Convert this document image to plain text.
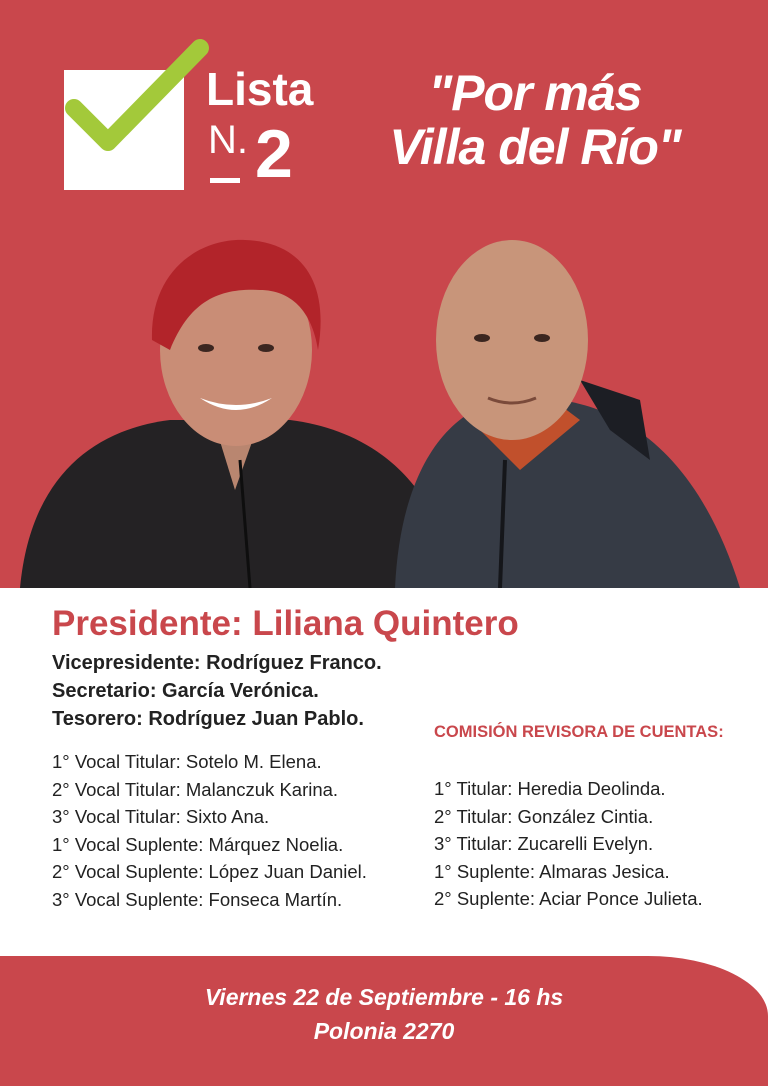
Lista
N. 2
"Por más
Villa del Río"
Presidente: Liliana Quintero
Vicepresidente: Rodríguez Franco.
Secretario: García Verónica.
Tesorero: Rodríguez Juan Pablo.
1° Vocal Titular: Sotelo M. Elena.
2° Vocal Titular: Malanczuk Karina.
3° Vocal Titular: Sixto Ana.
1° Vocal Suplente: Márquez Noelia.
2° Vocal Suplente: López Juan Daniel.
3° Vocal Suplente: Fonseca Martín.
COMISIÓN REVISORA DE CUENTAS:
1° Titular: Heredia Deolinda.
2° Titular: González Cintia.
3° Titular: Zucarelli Evelyn.
1° Suplente: Almaras Jesica.
2° Suplente: Aciar Ponce Julieta.
Viernes 22 de Septiembre - 16 hs
Polonia 2270
